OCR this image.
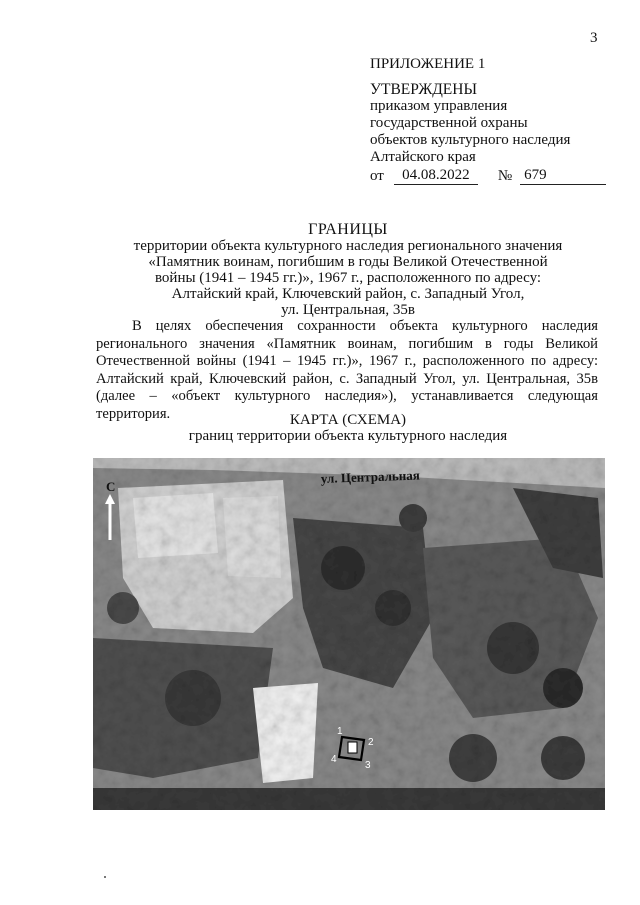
3
ПРИЛОЖЕНИЕ 1
УТВЕРЖДЕНЫ
приказом управления
государственной охраны
объектов культурного наследия
Алтайского края
от	04.08.2022	№ 679
ГРАНИЦЫ
территории объекта культурного наследия регионального значения
«Памятник воинам, погибшим в годы Великой Отечественной
войны (1941 – 1945 гг.)», 1967 г., расположенного по адресу:
Алтайский край, Ключевский район, с. Западный Угол,
ул. Центральная, 35в
В целях обеспечения сохранности объекта культурного наследия регионального значения «Памятник воинам, погибшим в годы Великой Отечественной войны (1941 – 1945 гг.)», 1967 г., расположенного по адресу: Алтайский край, Ключевский район, с. Западный Угол, ул. Центральная, 35в (далее – «объект культурного наследия»), устанавливается следующая территория.	КАРТА (СХЕМА)
границ территории объекта культурного наследия
ул. Центральная
С
1
2
3
4
